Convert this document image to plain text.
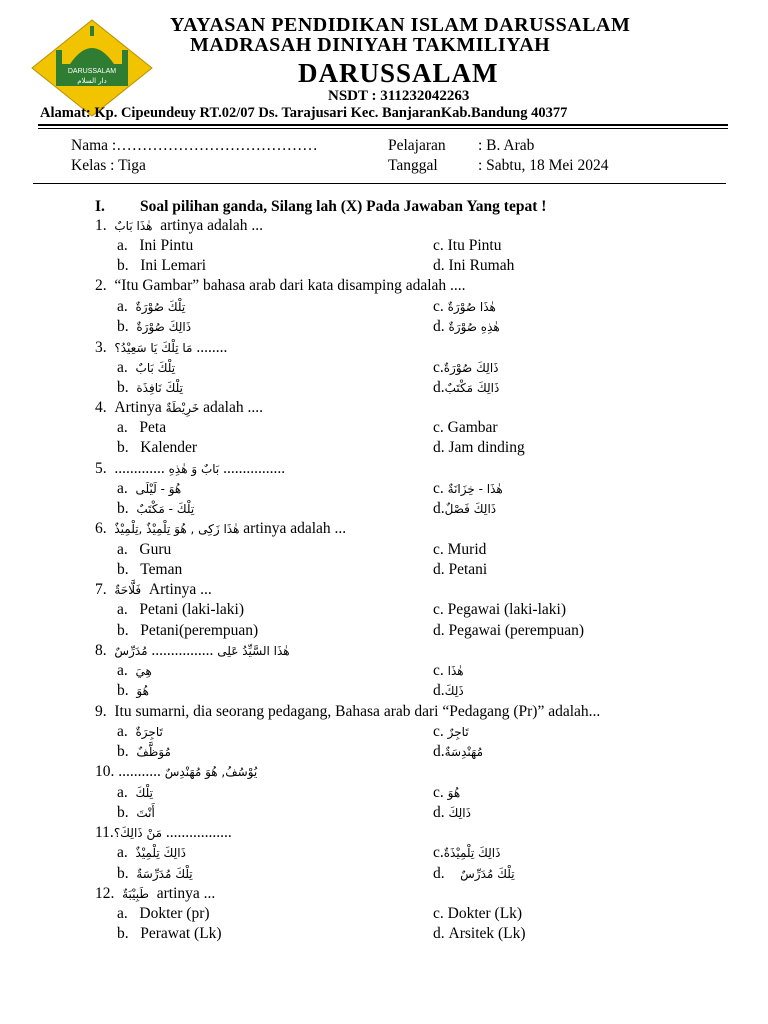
DARUSSALAM
دار السلام
YAYASAN PENDIDIKAN ISLAM DARUSSALAM
MADRASAH DINIYAH TAKMILIYAH
DARUSSALAM
NSDT : 311232042263
Alamat: Kp. Cipeundeuy RT.02/07 Ds. Tarajusari Kec. BanjaranKab.Bandung 40377
Nama :…………………………………
Kelas : Tiga
Pelajaran : B. Arab
Tanggal	: Sabtu, 18 Mei 2024
I. Soal pilihan ganda, Silang lah (X) Pada Jawaban Yang tepat !
1. هٰذَا بَابٌ artinya adalah ...
a.   Ini Pintu
b.   Ini Lemari
c. Itu Pintu
d. Ini Rumah
2. “Itu Gambar” bahasa arab dari kata disamping adalah ....
a.  تِلْكَ صُوْرَةٌ
b.  ذَالِكَ صُوْرَةٌ
c. هٰذَا صُوْرَةٌ
d. هٰذِهِ صُوْرَةٌ
3. مَا تِلْكَ يَا سَعِيْدُ؟ ........
a.  تِلْكَ بَابٌ
b.  تِلْكَ نَافِذَة
c.ذَالِكَ صُوْرَةٌ
d.ذَالِكَ مَكْتَبٌ
4. Artinya خَرِيْطَةٌ adalah ....
a.   Peta
b.   Kalender
c. Gambar
d. Jam dinding
5. ............. بَابٌ وَ هٰذِهِ ................
a.  هُوَ - لَيْلَى
b.  تِلْكَ - مَكْتَبٌ
c. هٰذَا - خِزَانَةٌ
d.ذَالِكَ فَصْلٌ
6. هٰذَا زَكِى , هُوَ تِلْمِيْذٌ ,تِلْمِيْذٌ artinya adalah ...
a.   Guru
b.   Teman
c. Murid
d. Petani
7. فَلَّاحَةٌ Artinya ...
a.   Petani (laki-laki)
b.   Petani(perempuan)
c. Pegawai (laki-laki)
d. Pegawai (perempuan)
8. مُدَرِّسٌ ................ هٰذَا السَّيِّدُ عَلِى
a.  هِيَ
b.  هُوَ
c. هٰذَا
d.ذَلِكَ
9. Itu sumarni, dia seorang pedagang, Bahasa arab dari “Pedagang (Pr)” adalah...
a.  تَاجِرَةٌ
b.  مُوَظَّفٌ
c. تَاجِرٌ
d.مُهَنْدِسَةٌ
10. ........... يُوْسُفُ, هُوَ مُهَنْدِسٌ
a.  تِلْكَ
b.  أَنْتَ
c. هُوَ
d. ذَالِكَ
11.مَنْ ذَالِكَ؟ .................
a.  ذَالِكَ تِلْمِيْذٌ
b.  تِلْكَ مُدَرِّسَةٌ
c.ذَالِكَ تِلْمِيْذَةٌ
d.    تِلْكَ مُدَرِّسٌ
12. طَبِيْبَةٌ artinya ...
a.   Dokter (pr)
b.   Perawat (Lk)
c. Dokter (Lk)
d. Arsitek (Lk)
